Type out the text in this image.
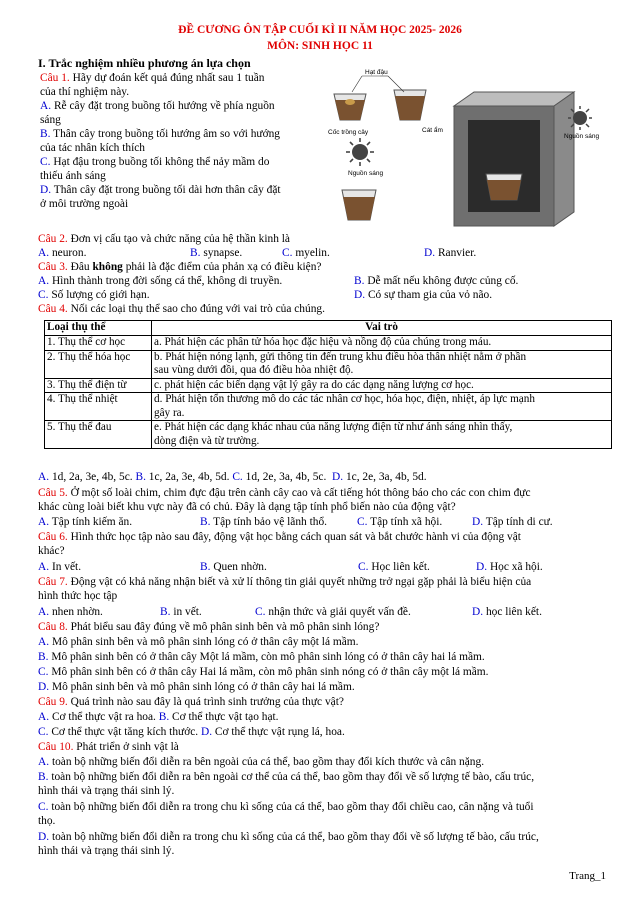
ĐỀ CƯƠNG ÔN TẬP CUỐI KÌ II NĂM HỌC 2025- 2026
MÔN: SINH HỌC 11
I. Trắc nghiệm nhiều phương án lựa chọn
Câu 1. Hãy dự đoán kết quả đúng nhất sau 1 tuần
của thí nghiệm này.
A. Rễ cây đặt trong buồng tối hướng về phía nguồn
sáng
B. Thân cây trong buồng tối hướng âm so với hướng
của tác nhân kích thích
C. Hạt đậu trong buồng tối không thể nảy mầm do
thiếu ánh sáng
D. Thân cây đặt trong buồng tối dài hơn thân cây đặt
ở môi trường ngoài
Hạt đậu
Cốc trồng cây	Cát ẩm
Nguồn sáng
Nguồn sáng
Câu 2. Đơn vị cấu tạo và chức năng của hệ thần kinh là
A. neuron.	B. synapse.	C. myelin.	D. Ranvier.
Câu 3. Đâu không phải là đặc điểm của phản xạ có điều kiện?
A. Hình thành trong đời sống cá thể, không di truyền.	B. Dễ mất nếu không được củng cố.
C. Số lượng có giới hạn.	D. Có sự tham gia của vỏ não.
Câu 4. Nối các loại thụ thể sao cho đúng với vai trò của chúng.
Loại thụ thể	Vai trò
1. Thụ thể cơ học	a. Phát hiện các phân tử hóa học đặc hiệu và nồng độ của chúng trong máu.
2. Thụ thể hóa học	b. Phát hiện nóng lạnh, gửi thông tin đến trung khu điều hòa thân nhiệt nằm ở phần
sau vùng dưới đồi, qua đó điều hòa nhiệt độ.
3. Thụ thể điện từ	c. phát hiện các biến dạng vật lý gây ra do các dạng năng lượng cơ học.
4. Thụ thể nhiệt	d. Phát hiện tổn thương mô do các tác nhân cơ học, hóa học, điện, nhiệt, áp lực mạnh
gây ra.
5. Thụ thể đau	e. Phát hiện các dạng khác nhau của năng lượng điện từ như ánh sáng nhìn thấy,
dòng điện và từ trường.
A. 1d, 2a, 3e, 4b, 5c. B. 1c, 2a, 3e, 4b, 5d. C. 1d, 2e, 3a, 4b, 5c. D. 1c, 2e, 3a, 4b, 5d.
Câu 5. Ở một số loài chim, chim đực đậu trên cành cây cao và cất tiếng hót thông báo cho các con chim đực
khác cùng loài biết khu vực này đã có chủ. Đây là dạng tập tính phổ biến nào của động vật?
A. Tập tính kiếm ăn.	B. Tập tính bảo vệ lãnh thổ.	C. Tập tính xã hội.	D. Tập tính di cư.
Câu 6. Hình thức học tập nào sau đây, động vật học bằng cách quan sát và bắt chước hành vi của động vật
khác?
A. In vết.	B. Quen nhờn.	C. Học liên kết.	D. Học xã hội.
Câu 7. Động vật có khả năng nhận biết và xử lí thông tin giải quyết những trở ngại gặp phải là biểu hiện của
hình thức học tập
A. nhen nhờn.	B. in vết.	C. nhận thức và giải quyết vấn đề.	D. học liên kết.
Câu 8. Phát biểu sau đây đúng về mô phân sinh bên và mô phân sinh lóng?
A. Mô phân sinh bên và mô phân sinh lóng có ở thân cây một lá mầm.
B. Mô phân sinh bên có ở thân cây Một lá mầm, còn mô phân sinh lóng có ở thân cây hai lá mầm.
C. Mô phân sinh bên có ở thân cây Hai lá mầm, còn mô phân sinh nóng có ở thân cây một lá mầm.
D. Mô phân sinh bên và mô phân sinh lóng có ở thân cây hai lá mầm.
Câu 9. Quá trình nào sau đây là quá trình sinh trưởng của thực vật?
A. Cơ thể thực vật ra hoa. B. Cơ thể thực vật tạo hạt.
C. Cơ thể thực vật tăng kích thước. D. Cơ thể thực vật rụng lá, hoa.
Câu 10. Phát triển ở sinh vật là
A. toàn bộ những biến đổi diễn ra bên ngoài của cá thể, bao gồm thay đổi kích thước và cân nặng.
B. toàn bộ những biến đổi diễn ra bên ngoài cơ thể của cá thể, bao gồm thay đổi về số lượng tế bào, cấu trúc,
hình thái và trạng thái sinh lý.
C. toàn bộ những biến đổi diễn ra trong chu kì sống của cá thể, bao gồm thay đổi chiều cao, cân nặng và tuổi
thọ.
D. toàn bộ những biến đổi diễn ra trong chu kì sống của cá thể, bao gồm thay đổi về số lượng tế bào, cấu trúc,
hình thái và trạng thái sinh lý.
Trang_1
